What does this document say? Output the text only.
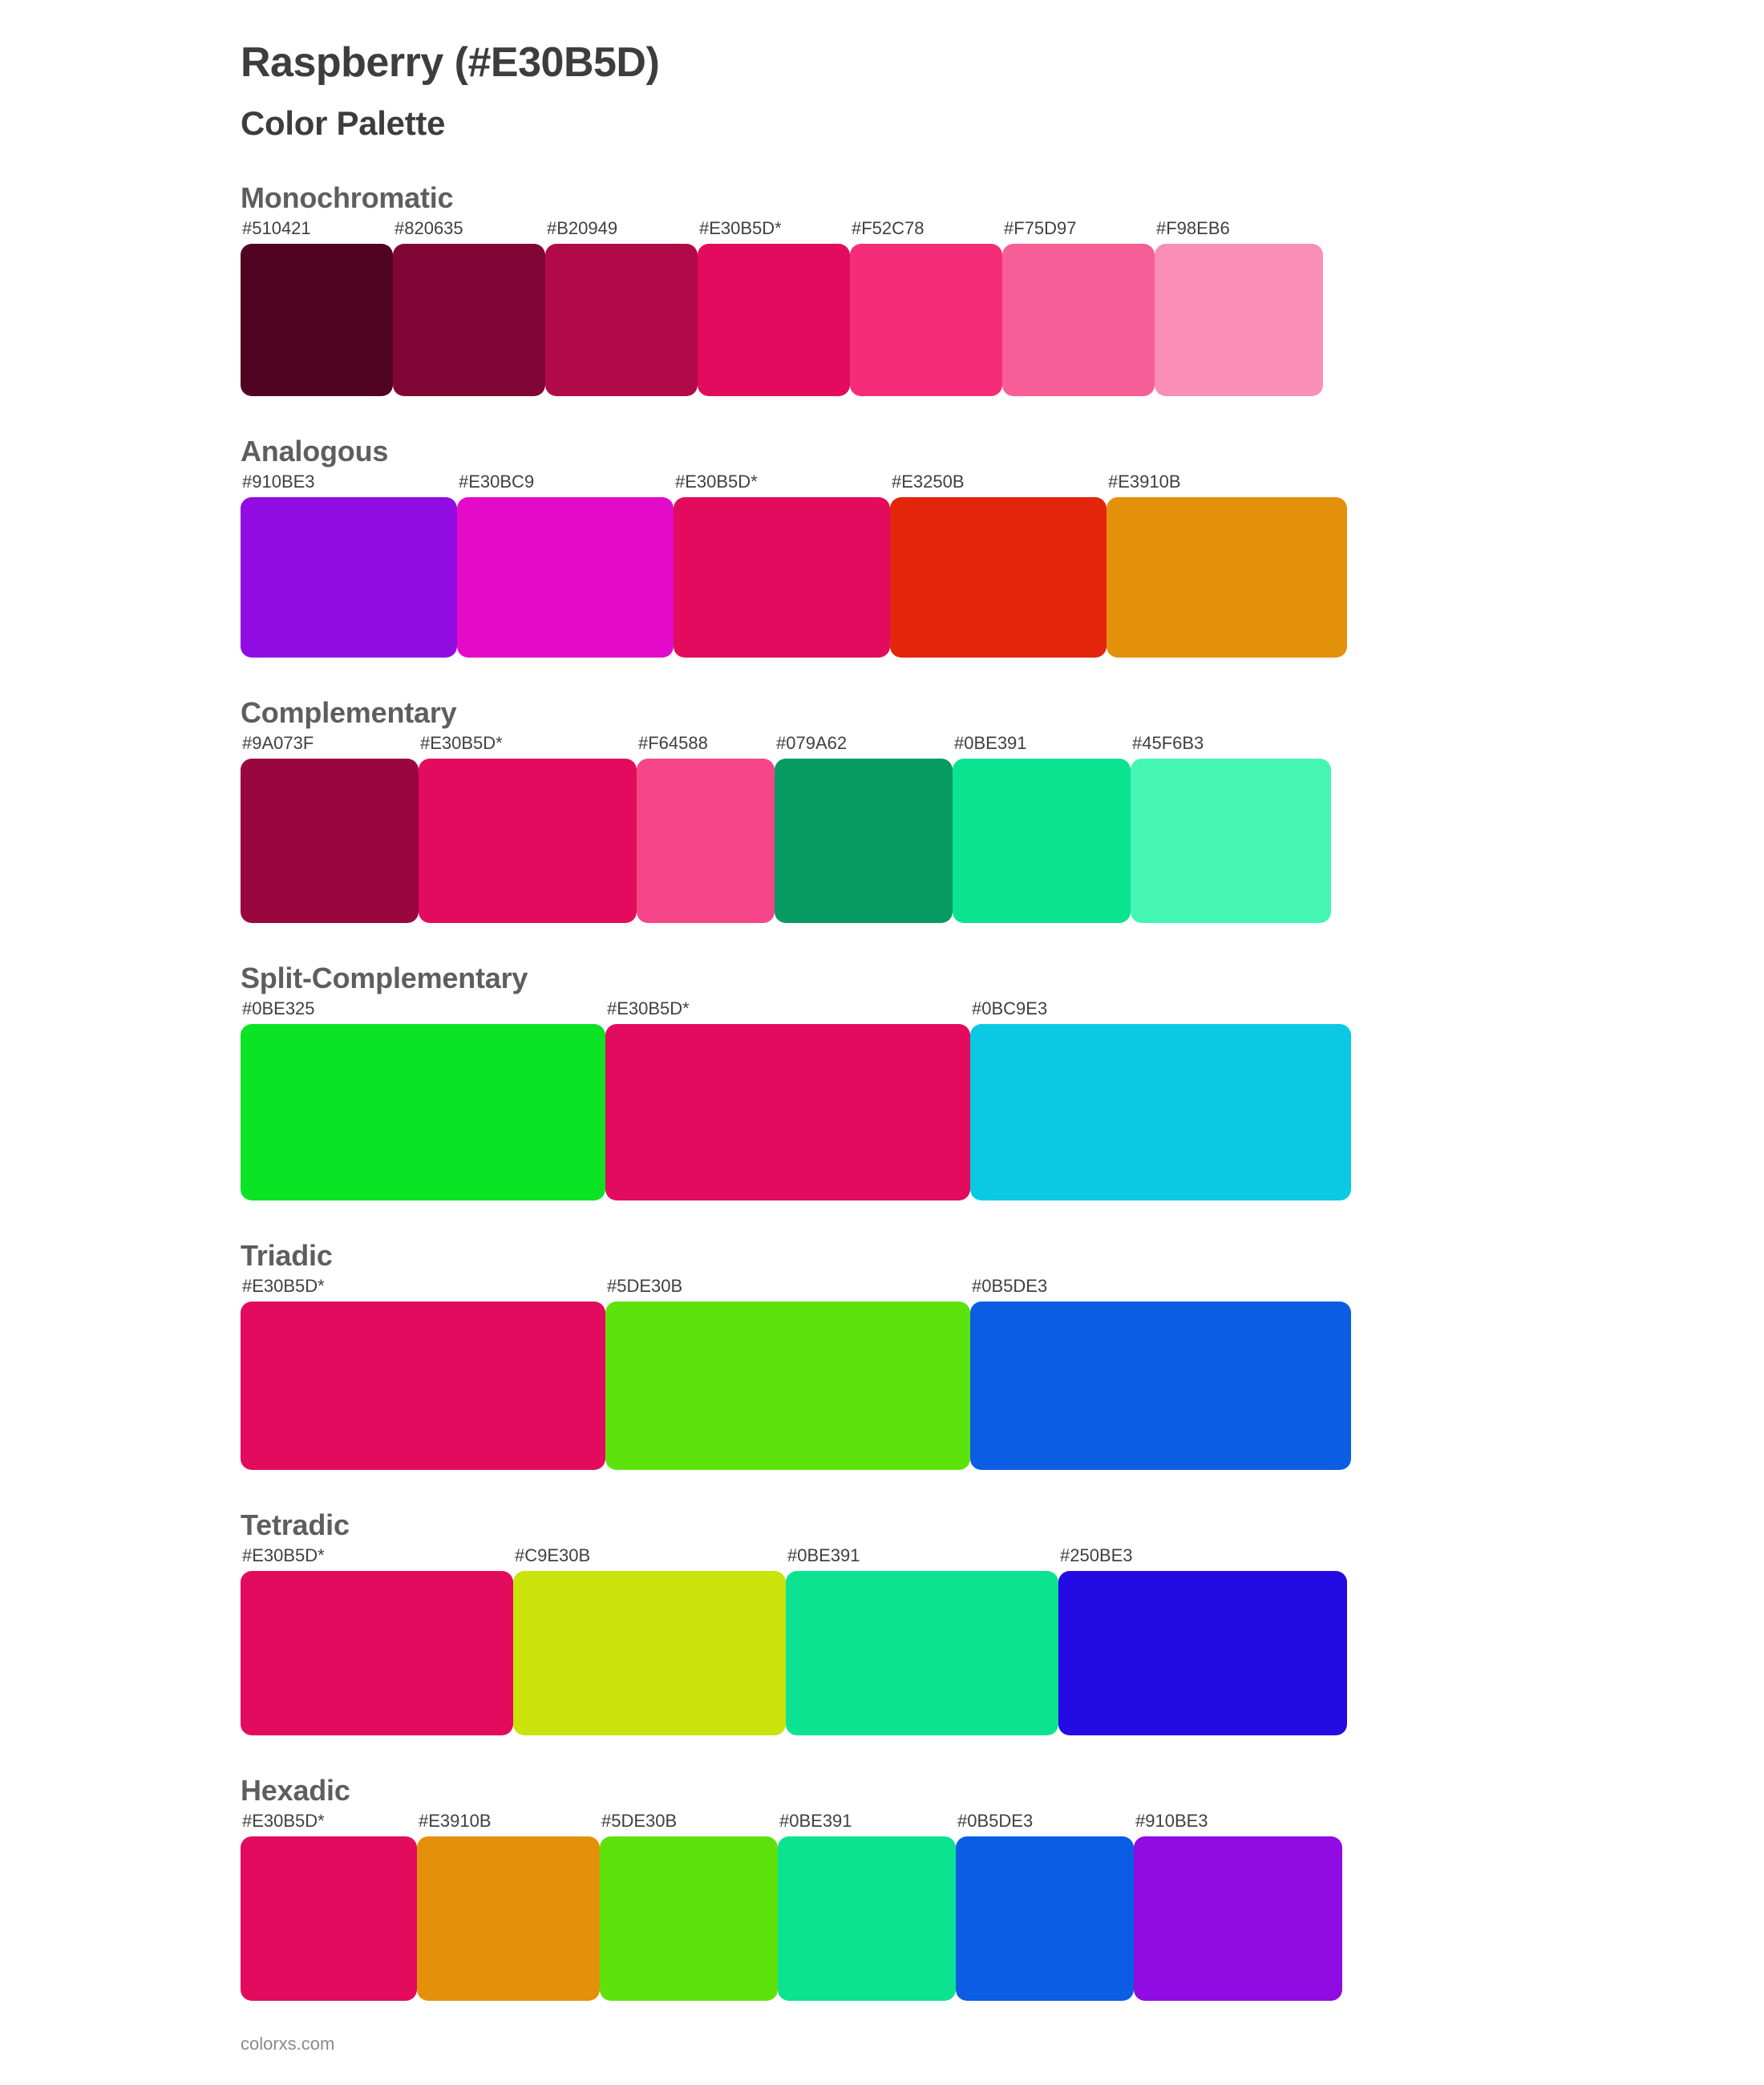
Raspberry (#E30B5D)
Color Palette
Monochromatic
#510421	#820635	#B20949	#E30B5D*	#F52C78	#F75D97	#F98EB6
Analogous
#910BE3	#E30BC9	#E30B5D*	#E3250B	#E3910B
Complementary
#9A073F	#E30B5D*	#F64588	#079A62	#0BE391	#45F6B3
Split-Complementary
#0BE325	#E30B5D*	#0BC9E3
Triadic
#E30B5D*	#5DE30B	#0B5DE3
Tetradic
#E30B5D*	#C9E30B	#0BE391	#250BE3
Hexadic
#E30B5D*	#E3910B	#5DE30B	#0BE391	#0B5DE3	#910BE3
colorxs.com
